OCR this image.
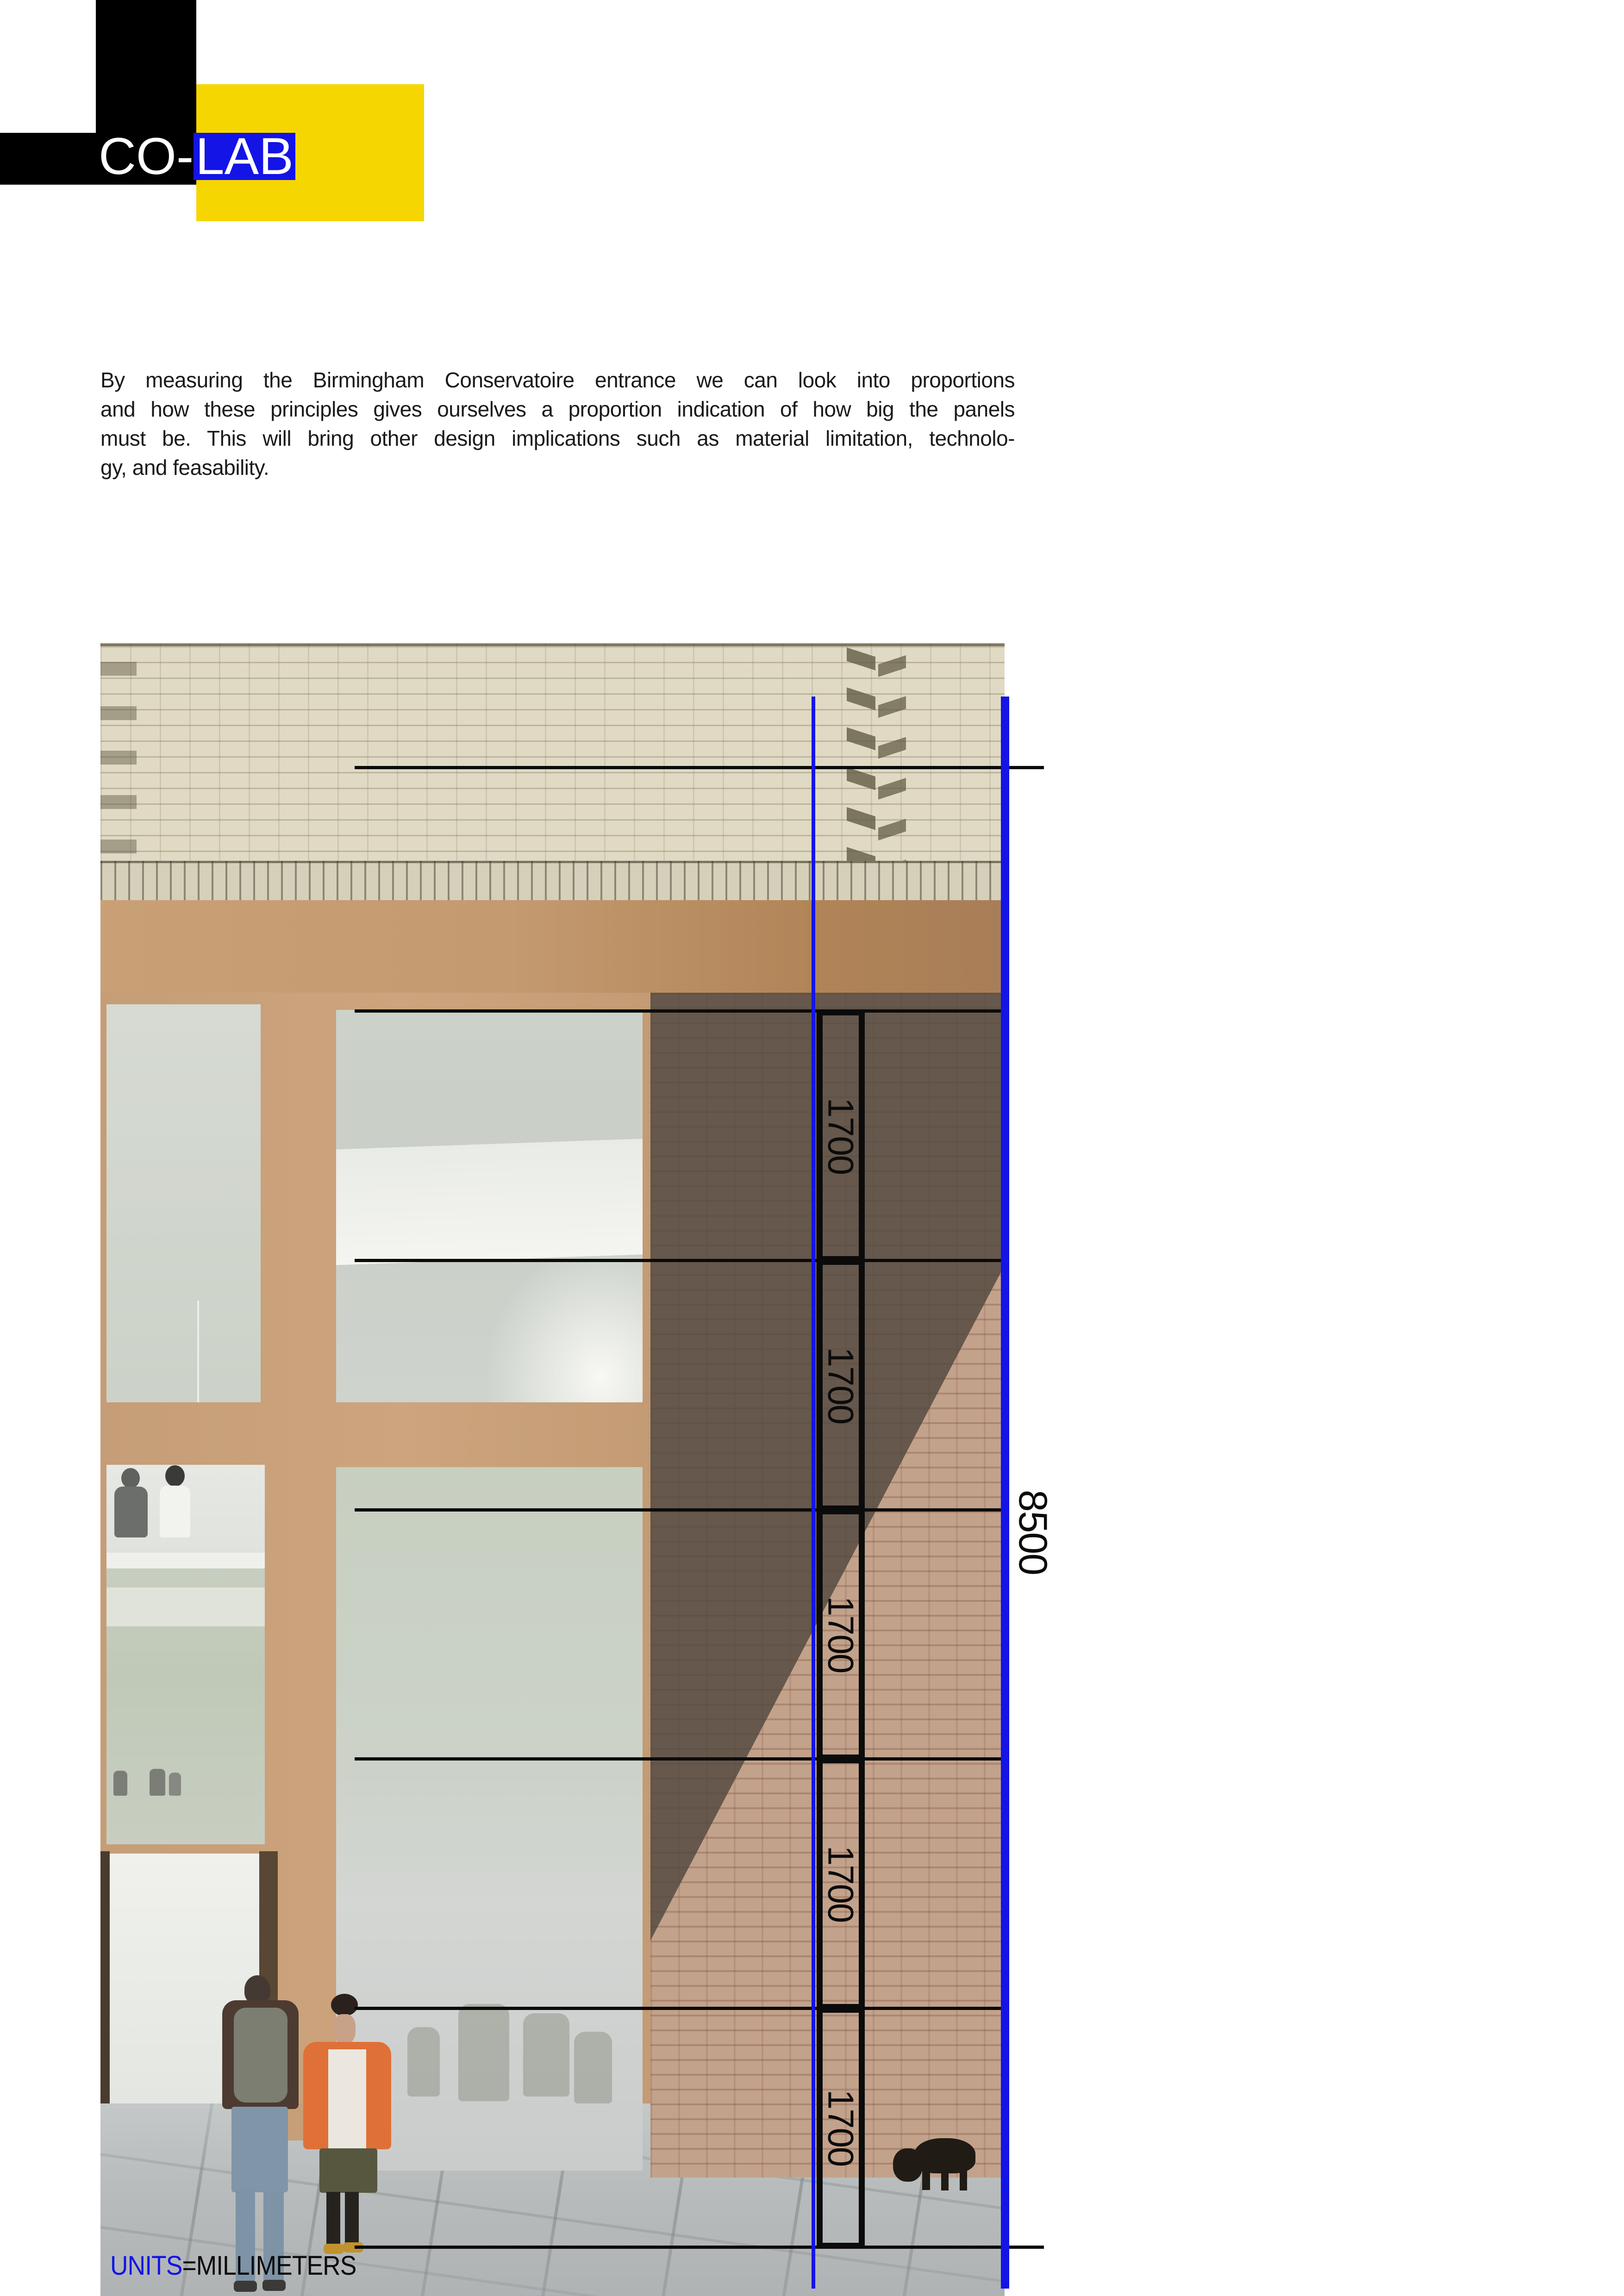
CO- LAB
By measuring the Birmingham Conservatoire entrance we can look into proportions
and how these principles gives ourselves a proportion indication of how big the panels
must be. This will bring other design implications such as material limitation, technolo-
gy, and feasability.
1700
1700
1700
1700
1700
8500
UNITS=MILLIMETERS
